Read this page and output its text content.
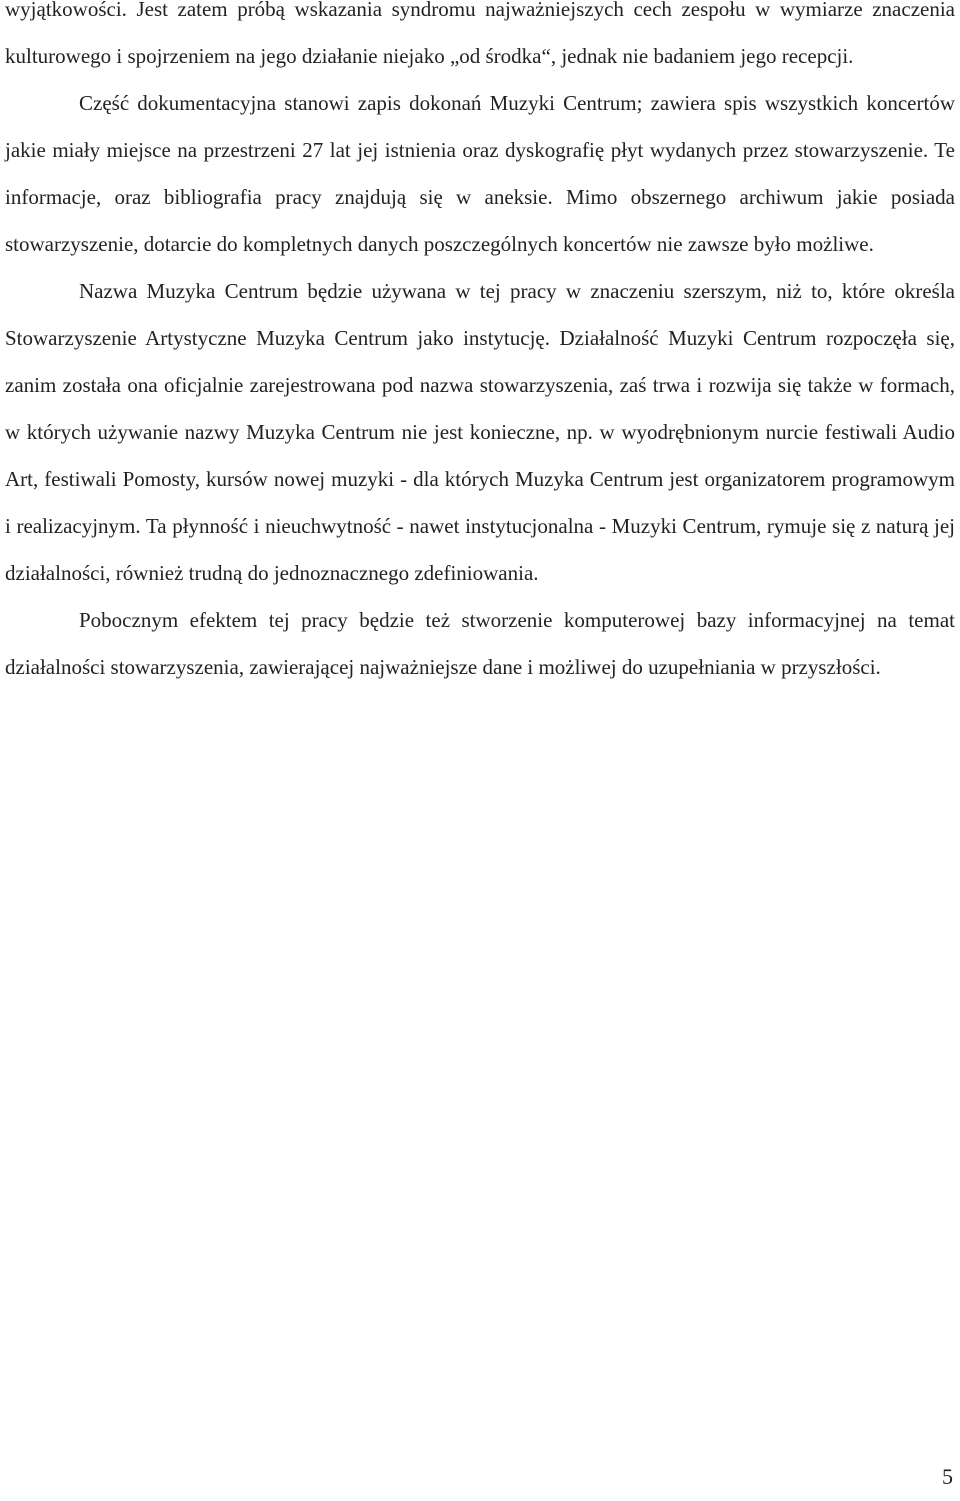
wyjątkowości. Jest zatem próbą wskazania syndromu najważniejszych cech zespołu w wymiarze znaczenia kulturowego i spojrzeniem na jego działanie niejako „od środka“, jednak nie badaniem jego recepcji.

Część dokumentacyjna stanowi zapis dokonań Muzyki Centrum; zawiera spis wszystkich koncertów jakie miały miejsce na przestrzeni 27 lat jej istnienia oraz dyskografię płyt wydanych przez stowarzyszenie. Te informacje, oraz bibliografia pracy znajdują się w aneksie. Mimo obszernego archiwum jakie posiada stowarzyszenie, dotarcie do kompletnych danych poszczególnych koncertów nie zawsze było możliwe.

Nazwa Muzyka Centrum będzie używana w tej pracy w znaczeniu szerszym, niż to, które określa Stowarzyszenie Artystyczne Muzyka Centrum jako instytucję. Działalność Muzyki Centrum rozpoczęła się, zanim została ona oficjalnie zarejestrowana pod nazwa stowarzyszenia, zaś trwa i rozwija się także w formach, w których używanie nazwy Muzyka Centrum nie jest konieczne, np. w wyodrębnionym nurcie festiwali Audio Art, festiwali Pomosty, kursów nowej muzyki - dla których Muzyka Centrum jest organizatorem programowym i realizacyjnym. Ta płynność i nieuchwytność - nawet instytucjonalna - Muzyki Centrum, rymuje się z naturą jej działalności, również trudną do jednoznacznego zdefiniowania.

Pobocznym efektem tej pracy będzie też stworzenie komputerowej bazy informacyjnej na temat działalności stowarzyszenia, zawierającej najważniejsze dane i możliwej do uzupełniania w przyszłości.

5
